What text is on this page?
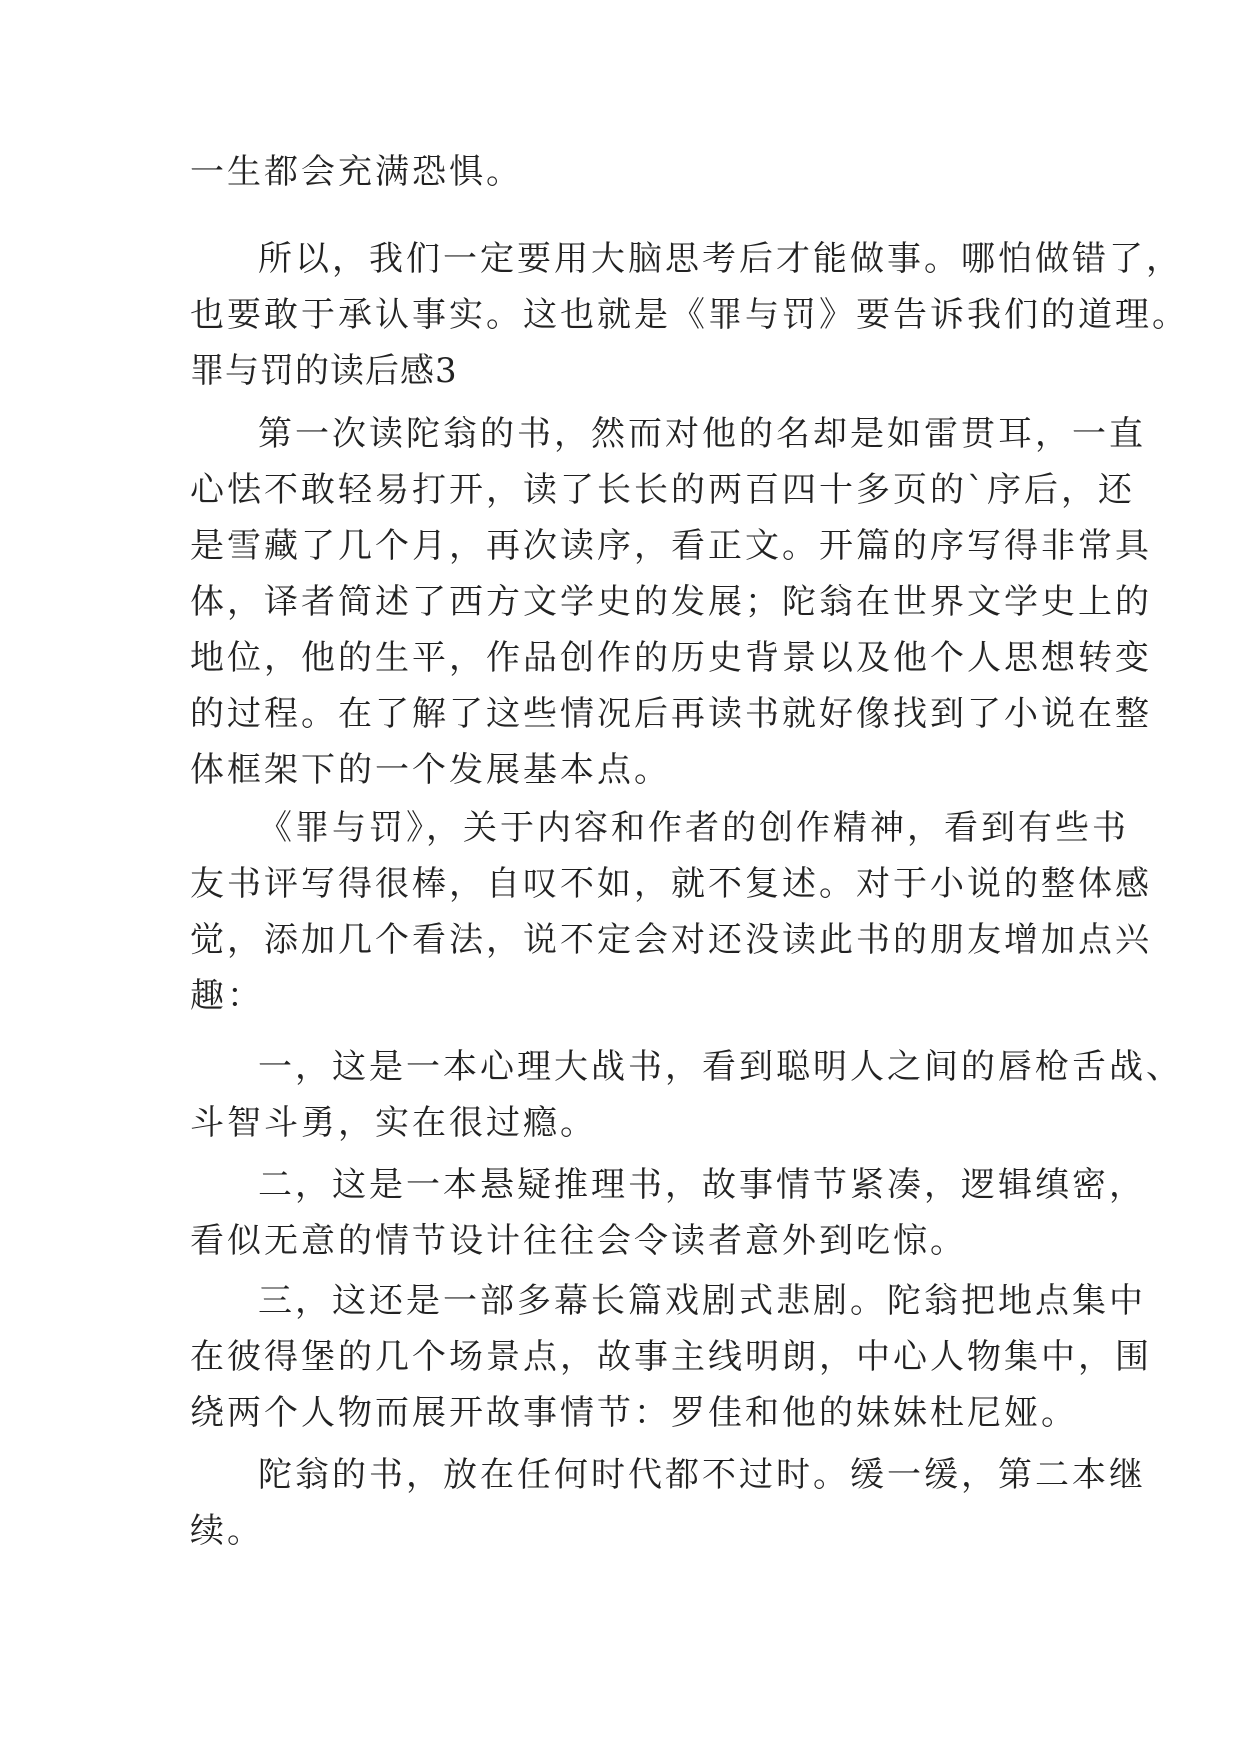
一生都会充满恐惧。
所以，我们一定要用大脑思考后才能做事。哪怕做错了，
也要敢于承认事实。这也就是《罪与罚》要告诉我们的道理。
罪与罚的读后感3
第一次读陀翁的书，然而对他的名却是如雷贯耳，一直
心怯不敢轻易打开，读了长长的两百四十多页的`序后，还
是雪藏了几个月，再次读序，看正文。开篇的序写得非常具
体，译者简述了西方文学史的发展；陀翁在世界文学史上的
地位，他的生平，作品创作的历史背景以及他个人思想转变
的过程。在了解了这些情况后再读书就好像找到了小说在整
体框架下的一个发展基本点。
《罪与罚》，关于内容和作者的创作精神，看到有些书
友书评写得很棒，自叹不如，就不复述。对于小说的整体感
觉，添加几个看法，说不定会对还没读此书的朋友增加点兴
趣：
一，这是一本心理大战书，看到聪明人之间的唇枪舌战、
斗智斗勇，实在很过瘾。
二，这是一本悬疑推理书，故事情节紧凑，逻辑缜密，
看似无意的情节设计往往会令读者意外到吃惊。
三，这还是一部多幕长篇戏剧式悲剧。陀翁把地点集中
在彼得堡的几个场景点，故事主线明朗，中心人物集中，围
绕两个人物而展开故事情节：罗佳和他的妹妹杜尼娅。
陀翁的书，放在任何时代都不过时。缓一缓，第二本继
续。
